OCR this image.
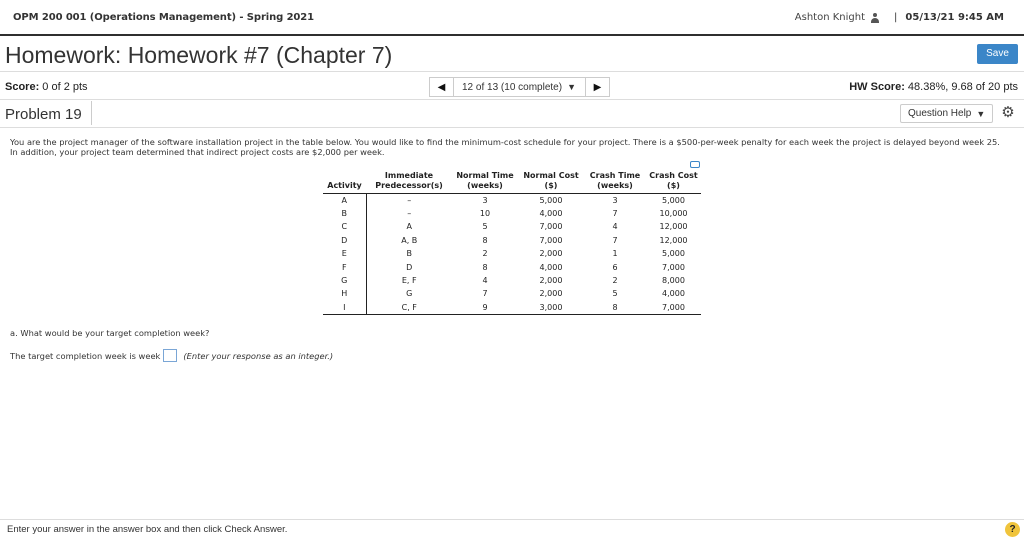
OPM 200 001 (Operations Management) - Spring 2021	Ashton Knight	| 05/13/21 9:45 AM
Homework: Homework #7 (Chapter 7)	Save
Score: 0 of 2 pts	◀	12 of 13 (10 complete) ▼	▶	HW Score: 48.38%, 9.68 of 20 pts
Problem 19	Question Help ▼ ⚙
You are the project manager of the software installation project in the table below. You would like to find the minimum-cost schedule for your project. There is a $500-per-week penalty for each week the project is delayed beyond week 25. In addition, your project team determined that indirect project costs are $2,000 per week.
Activity	Immediate Predecessor(s)	Normal Time (weeks)	Normal Cost ($)	Crash Time (weeks)	Crash Cost ($)
A	–	3	5,000	3	5,000
B	–	10	4,000	7	10,000
C	A	5	7,000	4	12,000
D	A, B	8	7,000	7	12,000
E	B	2	2,000	1	5,000
F	D	8	4,000	6	7,000
G	E, F	4	2,000	2	8,000
H	G	7	2,000	5	4,000
I	C, F	9	3,000	8	7,000
a. What would be your target completion week?
The target completion week is week	(Enter your response as an integer.)
Enter your answer in the answer box and then click Check Answer.	?
